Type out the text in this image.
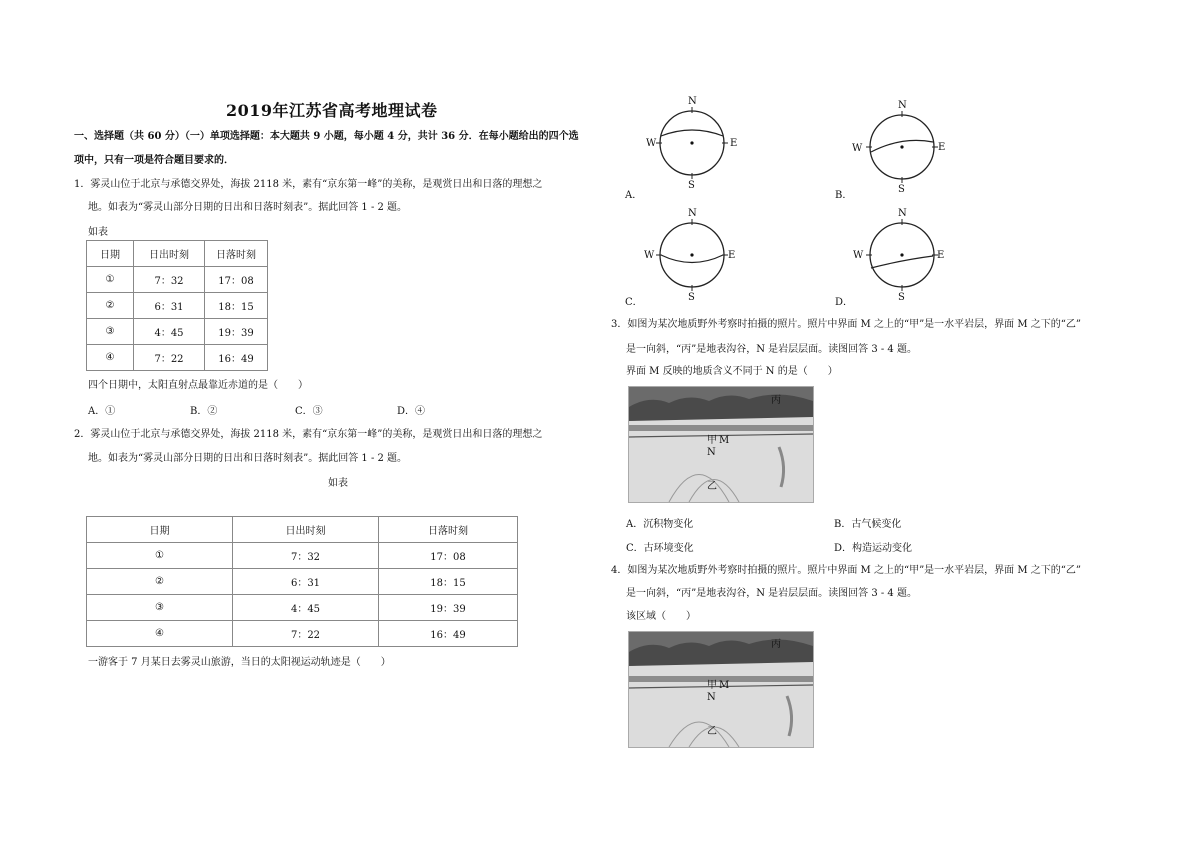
2019年江苏省高考地理试卷
一、选择题（共 60 分）（一）单项选择题：本大题共 9 小题，每小题 4 分，共计 36 分．在每小题给出的四个选
项中，只有一项是符合题目要求的．
1．雾灵山位于北京与承德交界处，海拔 2118 米，素有“京东第一峰”的美称，是观赏日出和日落的理想之
地。如表为“雾灵山部分日期的日出和日落时刻表”。据此回答 1 - 2 题。
如表
日期	日出时刻	日落时刻
①	7：32	17：08
②	6：31	18：15
③	4：45	19：39
④	7：22	16：49
四个日期中，太阳直射点最靠近赤道的是（　　）
A．①	B．②	C．③	D．④
2．雾灵山位于北京与承德交界处，海拔 2118 米，素有“京东第一峰”的美称，是观赏日出和日落的理想之
地。如表为“雾灵山部分日期的日出和日落时刻表”。据此回答 1 - 2 题。
如表
日期	日出时刻	日落时刻
①	7：32	17：08
②	6：31	18：15
③	4：45	19：39
④	7：22	16：49
一游客于 7 月某日去雾灵山旅游，当日的太阳视运动轨迹是（　　）
N
W	E
S
A．
N
W	E
S
B．
N
W	E
S
C．
N
W	E
S
D．
3．如图为某次地质野外考察时拍摄的照片。照片中界面 M 之上的“甲”是一水平岩层，界面 M 之下的“乙”
是一向斜，“丙”是地表沟谷，N 是岩层层面。读图回答 3 - 4 题。
界面 M 反映的地质含义不同于 N 的是（　　）
丙
甲 M
N
乙
A．沉积物变化	B．古气候变化
C．古环境变化	D．构造运动变化
4．如图为某次地质野外考察时拍摄的照片。照片中界面 M 之上的“甲”是一水平岩层，界面 M 之下的“乙”
是一向斜，“丙”是地表沟谷，N 是岩层层面。读图回答 3 - 4 题。
该区域（　　）
丙
甲 M
N
乙
